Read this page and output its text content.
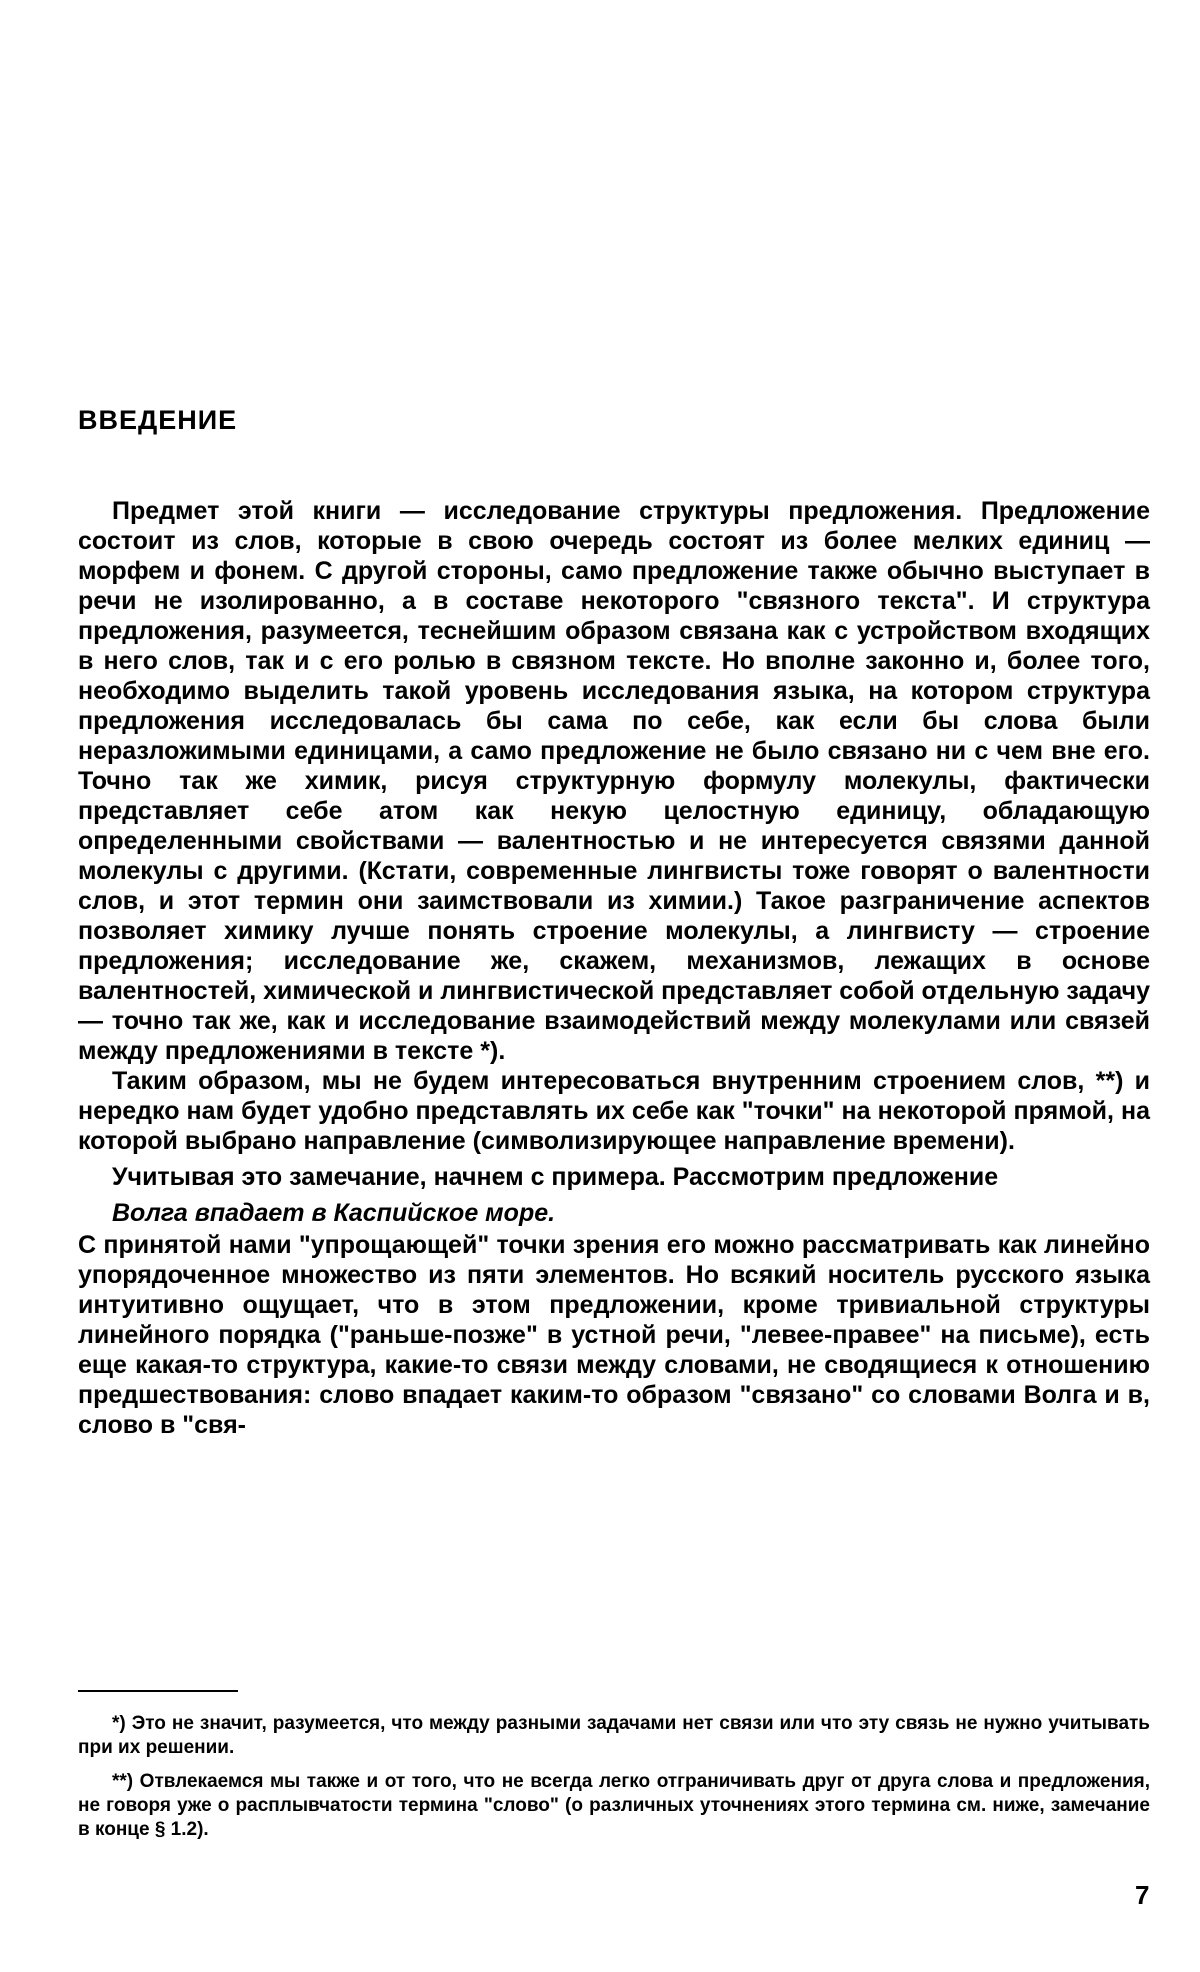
ВВЕДЕНИЕ

Предмет этой книги — исследование структуры предложения. Предложение состоит из слов, которые в свою очередь состоят из более мелких единиц — морфем и фонем. С другой стороны, само предложение также обычно выступает в речи не изолированно, а в составе некоторого "связного текста". И структура предложения, разумеется, теснейшим образом связана как с устройством входящих в него слов, так и с его ролью в связном тексте. Но вполне законно и, более того, необходимо выделить такой уровень исследования языка, на котором структура предложения исследовалась бы сама по себе, как если бы слова были неразложимыми единицами, а само предложение не было связано ни с чем вне его. Точно так же химик, рисуя структурную формулу молекулы, фактически представляет себе атом как некую целостную единицу, обладающую определенными свойствами — валентностью и не интересуется связями данной молекулы с другими. (Кстати, современные лингвисты тоже говорят о валентности слов, и этот термин они заимствовали из химии.) Такое разграничение аспектов позволяет химику лучше понять строение молекулы, а лингвисту — строение предложения; исследование же, скажем, механизмов, лежащих в основе валентностей, химической и лингвистической представляет собой отдельную задачу — точно так же, как и исследование взаимодействий между молекулами или связей между предложениями в тексте *).

Таким образом, мы не будем интересоваться внутренним строением слов, **) и нередко нам будет удобно представлять их себе как "точки" на некоторой прямой, на которой выбрано направление (символизирующее направление времени).

Учитывая это замечание, начнем с примера. Рассмотрим предложение

Волга впадает в Каспийское море.

С принятой нами "упрощающей" точки зрения его можно рассматривать как линейно упорядоченное множество из пяти элементов. Но всякий носитель русского языка интуитивно ощущает, что в этом предложении, кроме тривиальной структуры линейного порядка ("раньше-позже" в устной речи, "левее-правее" на письме), есть еще какая-то структура, какие-то связи между словами, не сводящиеся к отношению предшествования: слово впадает каким-то образом "связано" со словами Волга и в, слово в "свя-

*) Это не значит, разумеется, что между разными задачами нет связи или что эту связь не нужно учитывать при их решении.

**) Отвлекаемся мы также и от того, что не всегда легко отграничивать друг от друга слова и предложения, не говоря уже о расплывчатости термина "слово" (о различных уточнениях этого термина см. ниже, замечание в конце § 1.2).

7
